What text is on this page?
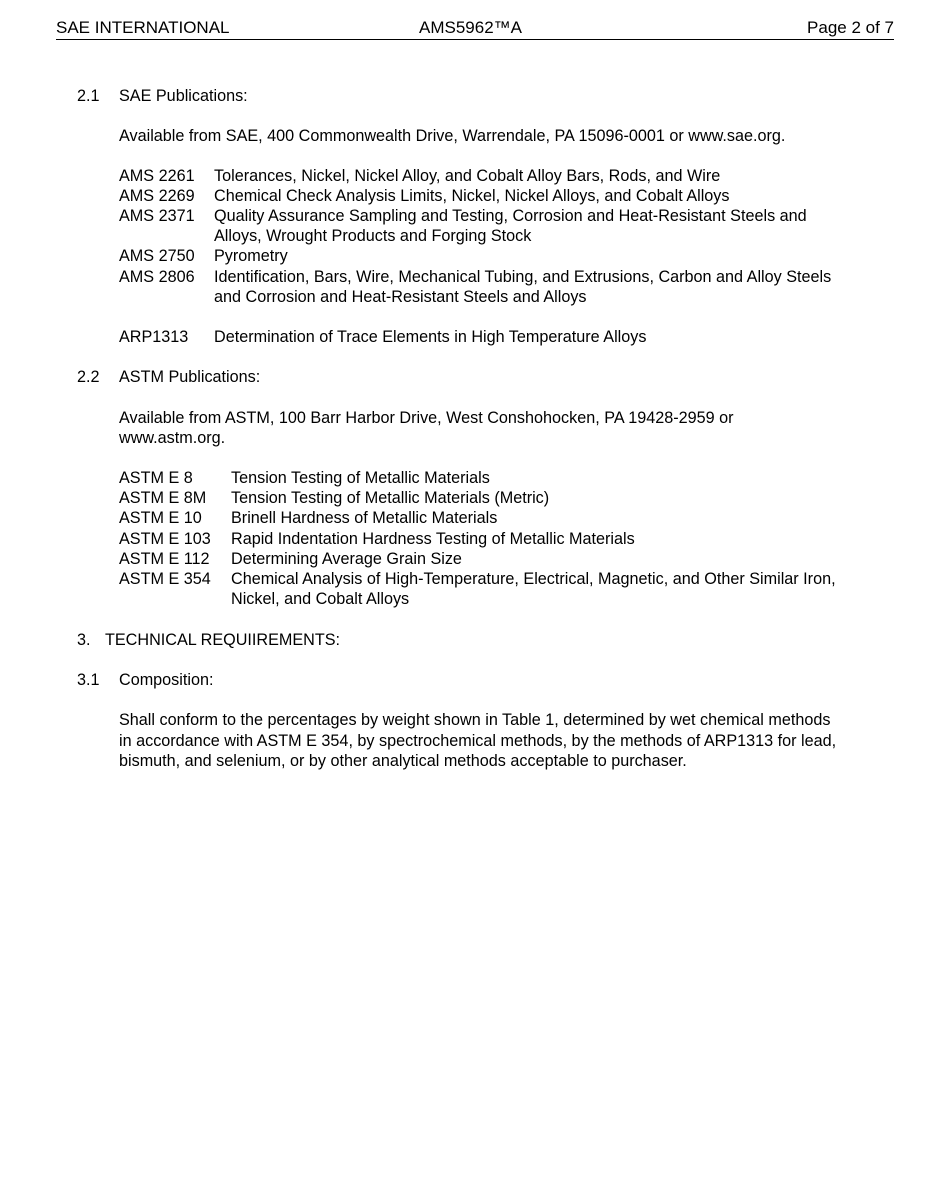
SAE INTERNATIONAL	AMS5962™A	Page 2 of 7
2.1 SAE Publications:
Available from SAE, 400 Commonwealth Drive, Warrendale, PA 15096-0001 or www.sae.org.
AMS 2261 Tolerances, Nickel, Nickel Alloy, and Cobalt Alloy Bars, Rods, and Wire
AMS 2269 Chemical Check Analysis Limits, Nickel, Nickel Alloys, and Cobalt Alloys
AMS 2371 Quality Assurance Sampling and Testing, Corrosion and Heat-Resistant Steels and
Alloys, Wrought Products and Forging Stock
AMS 2750 Pyrometry
AMS 2806 Identification, Bars, Wire, Mechanical Tubing, and Extrusions, Carbon and Alloy Steels
and Corrosion and Heat-Resistant Steels and Alloys
ARP1313 Determination of Trace Elements in High Temperature Alloys
2.2 ASTM Publications:
Available from ASTM, 100 Barr Harbor Drive, West Conshohocken, PA 19428-2959 or
www.astm.org.
ASTM E 8 Tension Testing of Metallic Materials
ASTM E 8M Tension Testing of Metallic Materials (Metric)
ASTM E 10 Brinell Hardness of Metallic Materials
ASTM E 103 Rapid Indentation Hardness Testing of Metallic Materials
ASTM E 112 Determining Average Grain Size
ASTM E 354 Chemical Analysis of High-Temperature, Electrical, Magnetic, and Other Similar Iron,
Nickel, and Cobalt Alloys
3. TECHNICAL REQUIIREMENTS:
3.1 Composition:
Shall conform to the percentages by weight shown in Table 1, determined by wet chemical methods
in accordance with ASTM E 354, by spectrochemical methods, by the methods of ARP1313 for lead,
bismuth, and selenium, or by other analytical methods acceptable to purchaser.
